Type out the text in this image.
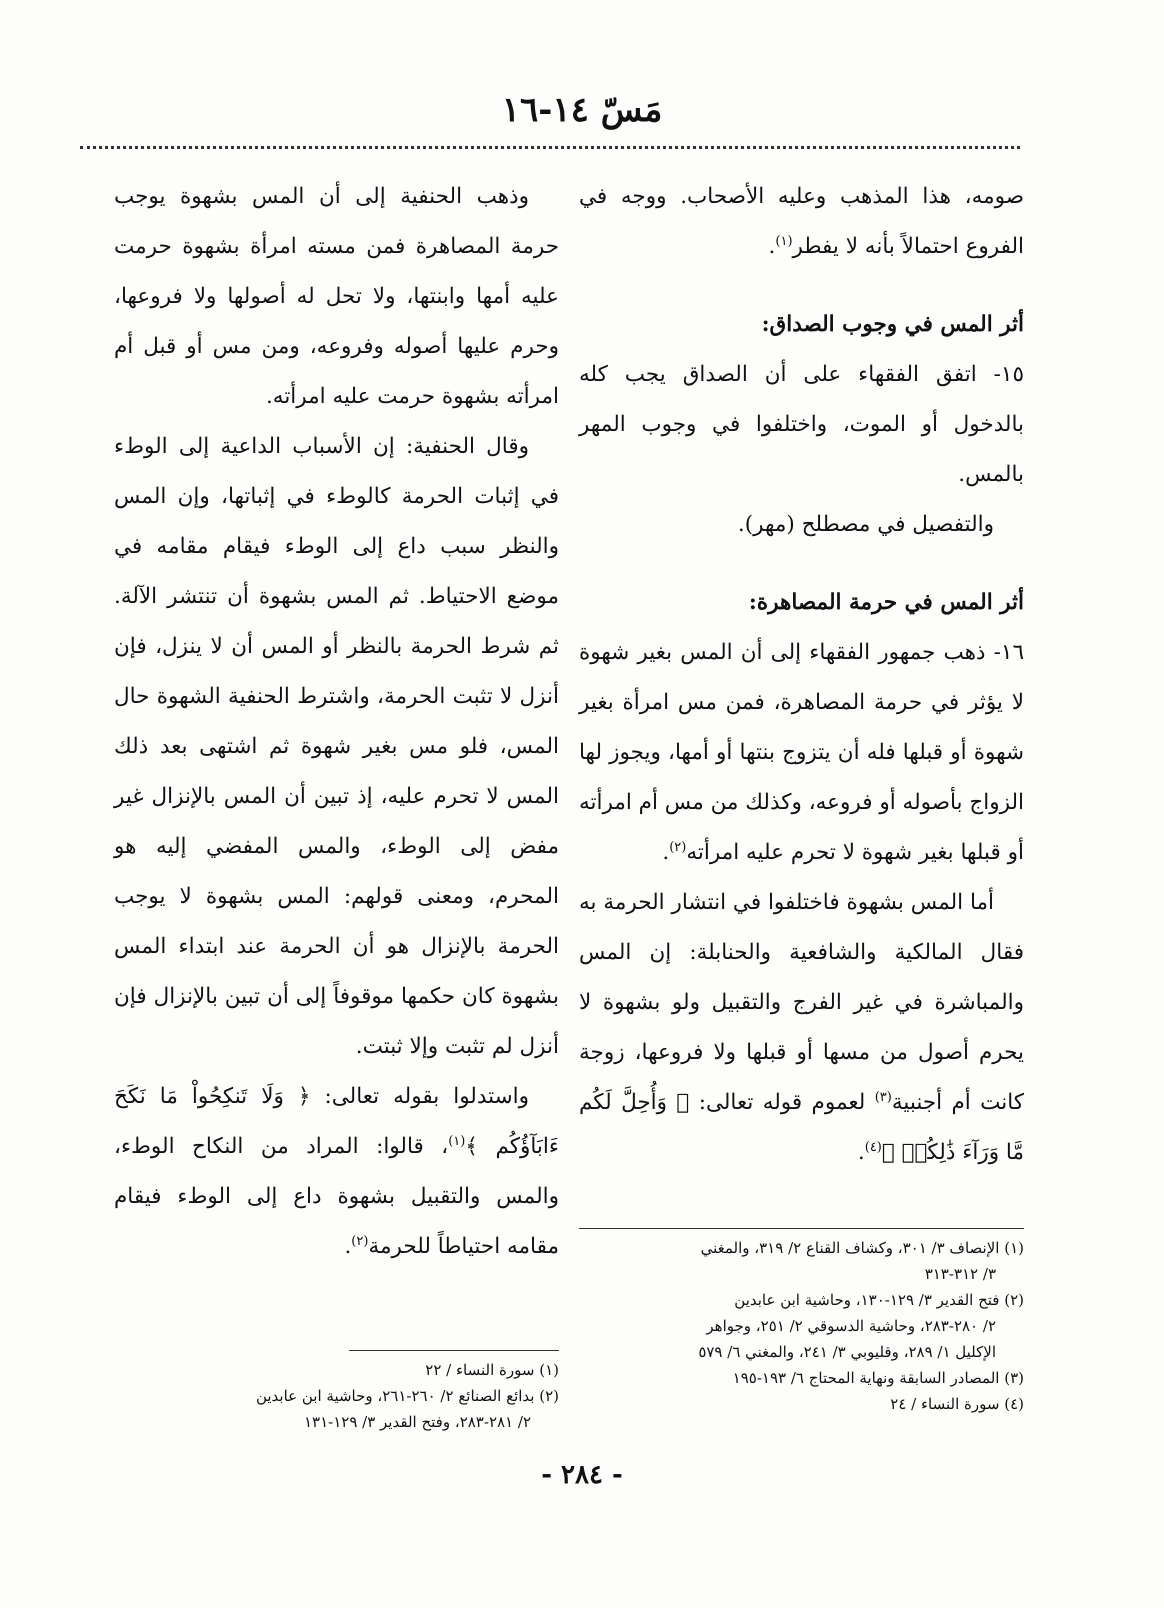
مَسّ ١٤-١٦

صومه، هذا المذهب وعليه الأصحاب. ووجه في الفروع احتمالاً بأنه لا يفطر$^{(١)}$.

أثر المس في وجوب الصداق:

١٥- اتفق الفقهاء على أن الصداق يجب كله بالدخول أو الموت، واختلفوا في وجوب المهر بالمس.

والتفصيل في مصطلح (مهر).

أثر المس في حرمة المصاهرة:

١٦- ذهب جمهور الفقهاء إلى أن المس بغير شهوة لا يؤثر في حرمة المصاهرة، فمن مس امرأة بغير شهوة أو قبلها فله أن يتزوج بنتها أو أمها، ويجوز لها الزواج بأصوله أو فروعه، وكذلك من مس أم امرأته أو قبلها بغير شهوة لا تحرم عليه امرأته$^{(٢)}$.

أما المس بشهوة فاختلفوا في انتشار الحرمة به فقال المالكية والشافعية والحنابلة: إن المس والمباشرة في غير الفرج والتقبيل ولو بشهوة لا يحرم أصول من مسها أو قبلها ولا فروعها، زوجة كانت أم أجنبية$^{(٣)}$ لعموم قوله تعالى: ﴿ وَأُحِلَّ لَكُم مَّا وَرَآءَ ذَٰلِكُمۡ ﴾$^{(٤)}$.

وذهب الحنفية إلى أن المس بشهوة يوجب حرمة المصاهرة فمن مسته امرأة بشهوة حرمت عليه أمها وابنتها، ولا تحل له أصولها ولا فروعها، وحرم عليها أصوله وفروعه، ومن مس أو قبل أم امرأته بشهوة حرمت عليه امرأته.

وقال الحنفية: إن الأسباب الداعية إلى الوطء في إثبات الحرمة كالوطء في إثباتها، وإن المس والنظر سبب داع إلى الوطء فيقام مقامه في موضع الاحتياط. ثم المس بشهوة أن تنتشر الآلة. ثم شرط الحرمة بالنظر أو المس أن لا ينزل، فإن أنزل لا تثبت الحرمة، واشترط الحنفية الشهوة حال المس، فلو مس بغير شهوة ثم اشتهى بعد ذلك المس لا تحرم عليه، إذ تبين أن المس بالإنزال غير مفض إلى الوطء، والمس المفضي إليه هو المحرم، ومعنى قولهم: المس بشهوة لا يوجب الحرمة بالإنزال هو أن الحرمة عند ابتداء المس بشهوة كان حكمها موقوفاً إلى أن تبين بالإنزال فإن أنزل لم تثبت وإلا ثبتت.

واستدلوا بقوله تعالى: ﴿ وَلَا تَنكِحُواْ مَا نَكَحَ ءَابَآؤُكُم ﴾$^{(١)}$، قالوا: المراد من النكاح الوطء، والمس والتقبيل بشهوة داع إلى الوطء فيقام مقامه احتياطاً للحرمة$^{(٢)}$.	(١) الإنصاف ٣/ ٣٠١، وكشاف القناع ٢/ ٣١٩، والمغني

٣/ ٣١٢-٣١٣

(٢) فتح القدير ٣/ ١٢٩-١٣٠، وحاشية ابن عابدين

٢/ ٢٨٠-٢٨٣، وحاشية الدسوقي ٢/ ٢٥١، وجواهر

الإكليل ١/ ٢٨٩، وقليوبي ٣/ ٢٤١، والمغني ٦/ ٥٧٩

(٣) المصادر السابقة ونهاية المحتاج ٦/ ١٩٣-١٩٥

(٤) سورة النساء / ٢٤

(١) سورة النساء / ٢٢

(٢) بدائع الصنائع ٢/ ٢٦٠-٢٦١، وحاشية ابن عابدين

٢/ ٢٨١-٢٨٣، وفتح القدير ٣/ ١٢٩-١٣١

- ٢٨٤ -
